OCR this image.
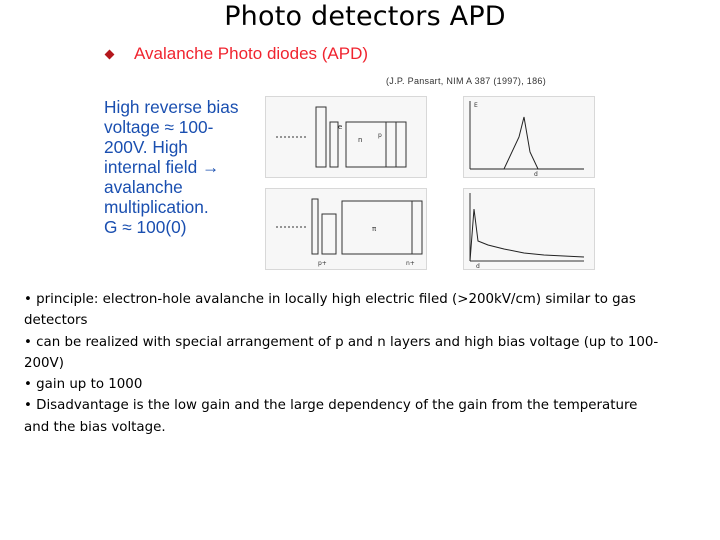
Photo detectors APD
Avalanche Photo diodes (APD)
(J.P. Pansart, NIM A 387 (1997), 186)
High reverse bias
voltage ≈ 100-
200V. High
internal field →
avalanche
multiplication.
G ≈ 100(0)
e
n
p
E
d
p+
π
n+	d
• principle: electron-hole avalanche in locally high electric filed (>200kV/cm) similar to gas detectors
• can be realized with special arrangement of p and n layers and high bias voltage (up to 100-200V)
• gain up to 1000
• Disadvantage is the low gain and the large dependency of the gain from the temperature and the bias voltage.
